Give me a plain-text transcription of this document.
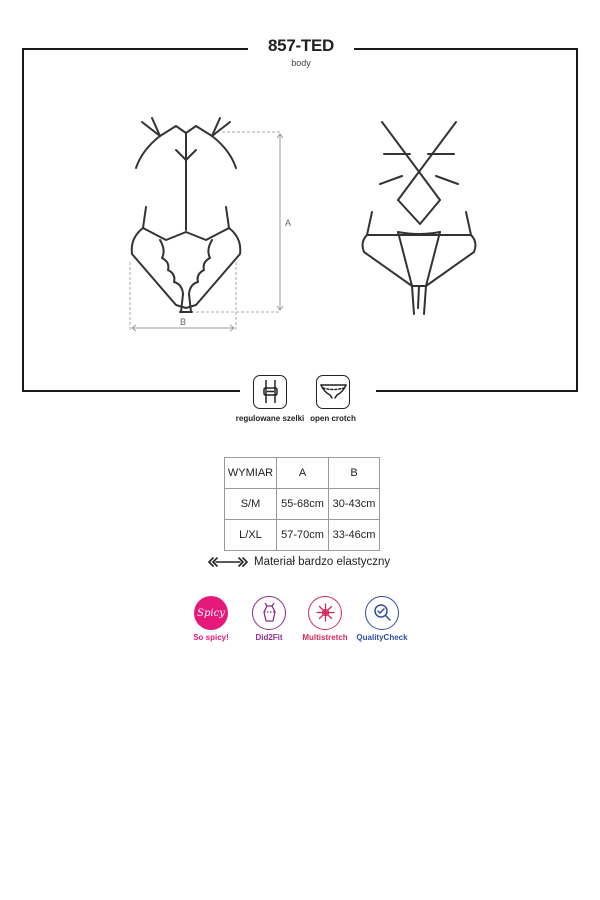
857-TED
body
A
B
regulowane szelki open crotch
WYMIAR	A	B
S/M	55-68cm	30-43cm
L/XL	57-70cm	33-46cm
Materiał bardzo elastyczny
Spicy
So spicy!	Did2Fit	Multistretch	QualityCheck
